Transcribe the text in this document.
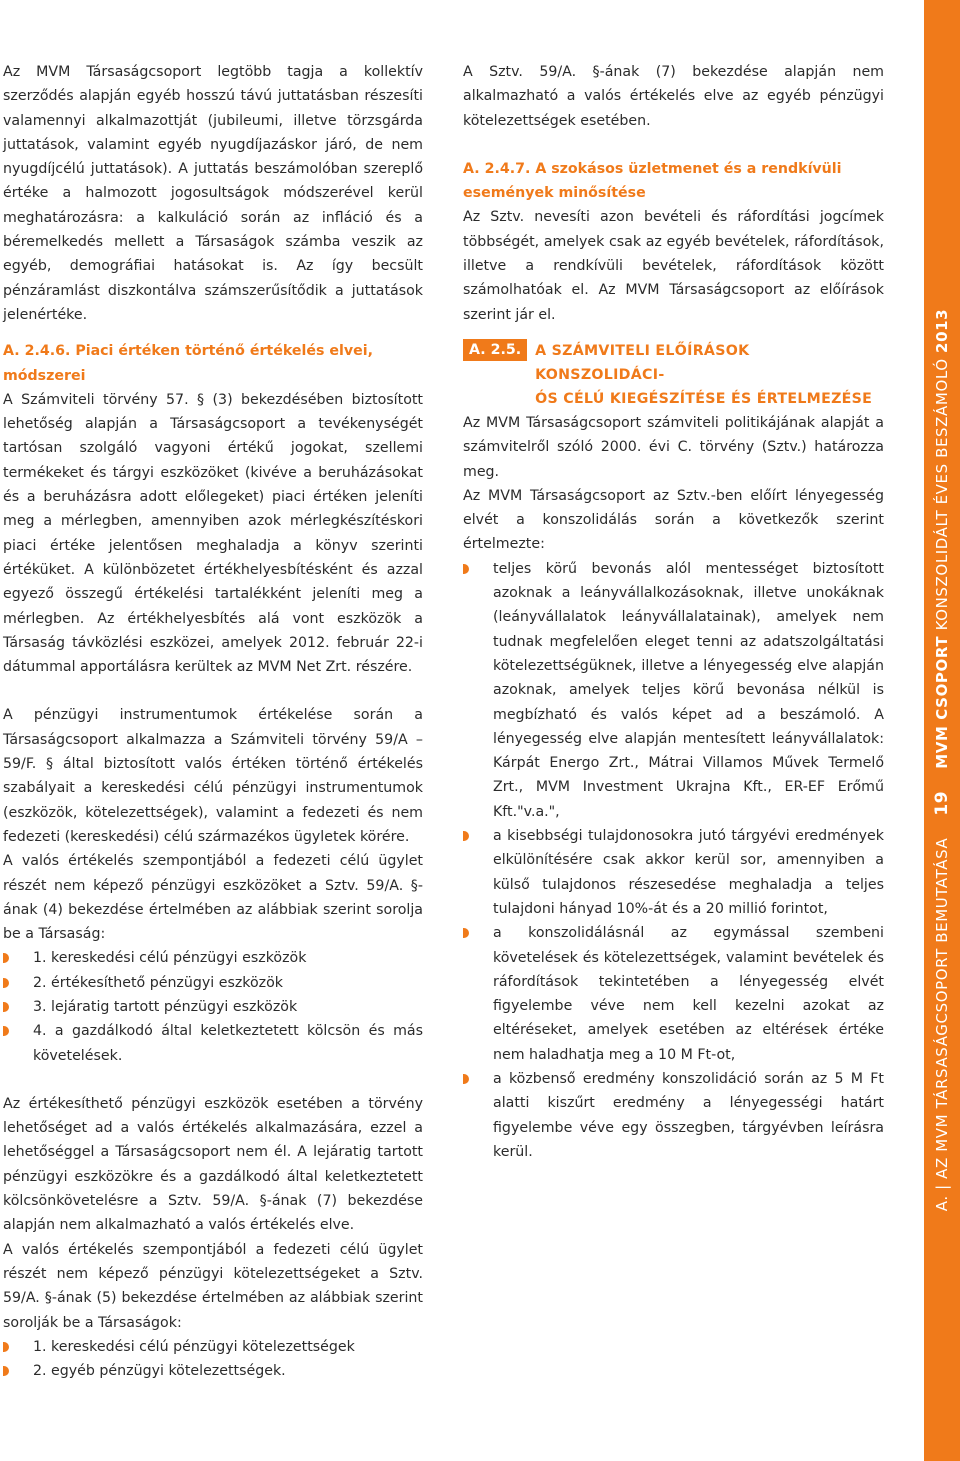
Az MVM Társaságcsoport legtöbb tagja a kollektív szerződés alapján egyéb hosszú távú juttatásban részesíti valamennyi alkalmazottját (jubileumi, illetve törzsgárda juttatások, valamint egyéb nyugdíjazáskor járó, de nem nyugdíjcélú juttatások). A juttatás beszámolóban szereplő értéke a halmozott jogosultságok módszerével kerül meghatározásra: a kalkuláció során az infláció és a béremelkedés mellett a Társaságok számba veszik az egyéb, demográfiai hatásokat is. Az így becsült pénzáramlást diszkontálva számszerűsítődik a juttatások jelenértéke.

A. 2.4.6. Piaci értéken történő értékelés elvei, módszerei

A Számviteli törvény 57. § (3) bekezdésében biztosított lehetőség alapján a Társaságcsoport a tevékenységét tartósan szolgáló vagyoni értékű jogokat, szellemi termékeket és tárgyi eszközöket (kivéve a beruházásokat és a beruházásra adott előlegeket) piaci értéken jeleníti meg a mérlegben, amennyiben azok mérlegkészítéskori piaci értéke jelentősen meghaladja a könyv szerinti értéküket. A különbözetet értékhelyesbítésként és azzal egyező összegű értékelési tartalékként jeleníti meg a mérlegben. Az értékhelyesbítés alá vont eszközök a Társaság távközlési eszközei, amelyek 2012. február 22-i dátummal apportálásra kerültek az MVM Net Zrt. részére.

A pénzügyi instrumentumok értékelése során a Társaságcsoport alkalmazza a Számviteli törvény 59/A – 59/F. § által biztosított valós értéken történő értékelés szabályait a kereskedési célú pénzügyi instrumentumok (eszközök, kötelezettségek), valamint a fedezeti és nem fedezeti (kereskedési) célú származékos ügyletek körére.

A valós értékelés szempontjából a fedezeti célú ügylet részét nem képező pénzügyi eszközöket a Sztv. 59/A. §-ának (4) bekezdése értelmében az alábbiak szerint sorolja be a Társaság:

1. kereskedési célú pénzügyi eszközök
2. értékesíthető pénzügyi eszközök
3. lejáratig tartott pénzügyi eszközök
4. a gazdálkodó által keletkeztetett kölcsön és más követelések.

Az értékesíthető pénzügyi eszközök esetében a törvény lehetőséget ad a valós értékelés alkalmazására, ezzel a lehetőséggel a Társaságcsoport nem él. A lejáratig tartott pénzügyi eszközökre és a gazdálkodó által keletkeztetett kölcsönkövetelésre a Sztv. 59/A. §-ának (7) bekezdése alapján nem alkalmazható a valós értékelés elve.

A valós értékelés szempontjából a fedezeti célú ügylet részét nem képező pénzügyi kötelezettségeket a Sztv. 59/A. §-ának (5) bekezdése értelmében az alábbiak szerint sorolják be a Társaságok:

1. kereskedési célú pénzügyi kötelezettségek
2. egyéb pénzügyi kötelezettségek.

A Sztv. 59/A. §-ának (7) bekezdése alapján nem alkalmazható a valós értékelés elve az egyéb pénzügyi kötelezettségek esetében.

A. 2.4.7. A szokásos üzletmenet és a rendkívüli események minősítése

Az Sztv. nevesíti azon bevételi és ráfordítási jogcímek többségét, amelyek csak az egyéb bevételek, ráfordítások, illetve a rendkívüli bevételek, ráfordítások között számolhatóak el. Az MVM Társaságcsoport az előírások szerint jár el.

A. 2.5. A SZÁMVITELI ELŐÍRÁSOK KONSZOLIDÁCI-
ÓS CÉLÚ KIEGÉSZÍTÉSE ÉS ÉRTELMEZÉSE

Az MVM Társaságcsoport számviteli politikájának alapját a számvitelről szóló 2000. évi C. törvény (Sztv.) határozza meg.

Az MVM Társaságcsoport az Sztv.-ben előírt lényegesség elvét a konszolidálás során a következők szerint értelmezte:

teljes körű bevonás alól mentességet biztosított azoknak a leányvállalkozásoknak, illetve unokáknak (leányvállalatok leányvállalatainak), amelyek nem tudnak megfelelően eleget tenni az adatszolgáltatási kötelezettségüknek, illetve a lényegesség elve alapján azoknak, amelyek teljes körű bevonása nélkül is megbízható és valós képet ad a beszámoló. A lényegesség elve alapján mentesített leányvállalatok: Kárpát Energo Zrt., Mátrai Villamos Művek Termelő Zrt., MVM Investment Ukrajna Kft., ER-EF Erőmű Kft."v.a.",
a kisebbségi tulajdonosokra jutó tárgyévi eredmények elkülönítésére csak akkor kerül sor, amennyiben a külső tulajdonos részesedése meghaladja a teljes tulajdoni hányad 10%-át és a 20 millió forintot,
a konszolidálásnál az egymással szembeni követelések és kötelezettségek, valamint bevételek és ráfordítások tekintetében a lényegesség elvét figyelembe véve nem kell kezelni azokat az eltéréseket, amelyek esetében az eltérések értéke nem haladhatja meg a 10 M Ft-ot,
a közbenső eredmény konszolidáció során az 5 M Ft alatti kiszűrt eredmény a lényegességi határt figyelembe véve egy összegben, tárgyévben leírásra kerül.	A. | AZ MVM TÁRSASÁGCSOPORT BEMUTATÁSA19MVM CSOPORT KONSZOLIDÁLT ÉVES BESZÁMOLÓ 2013
